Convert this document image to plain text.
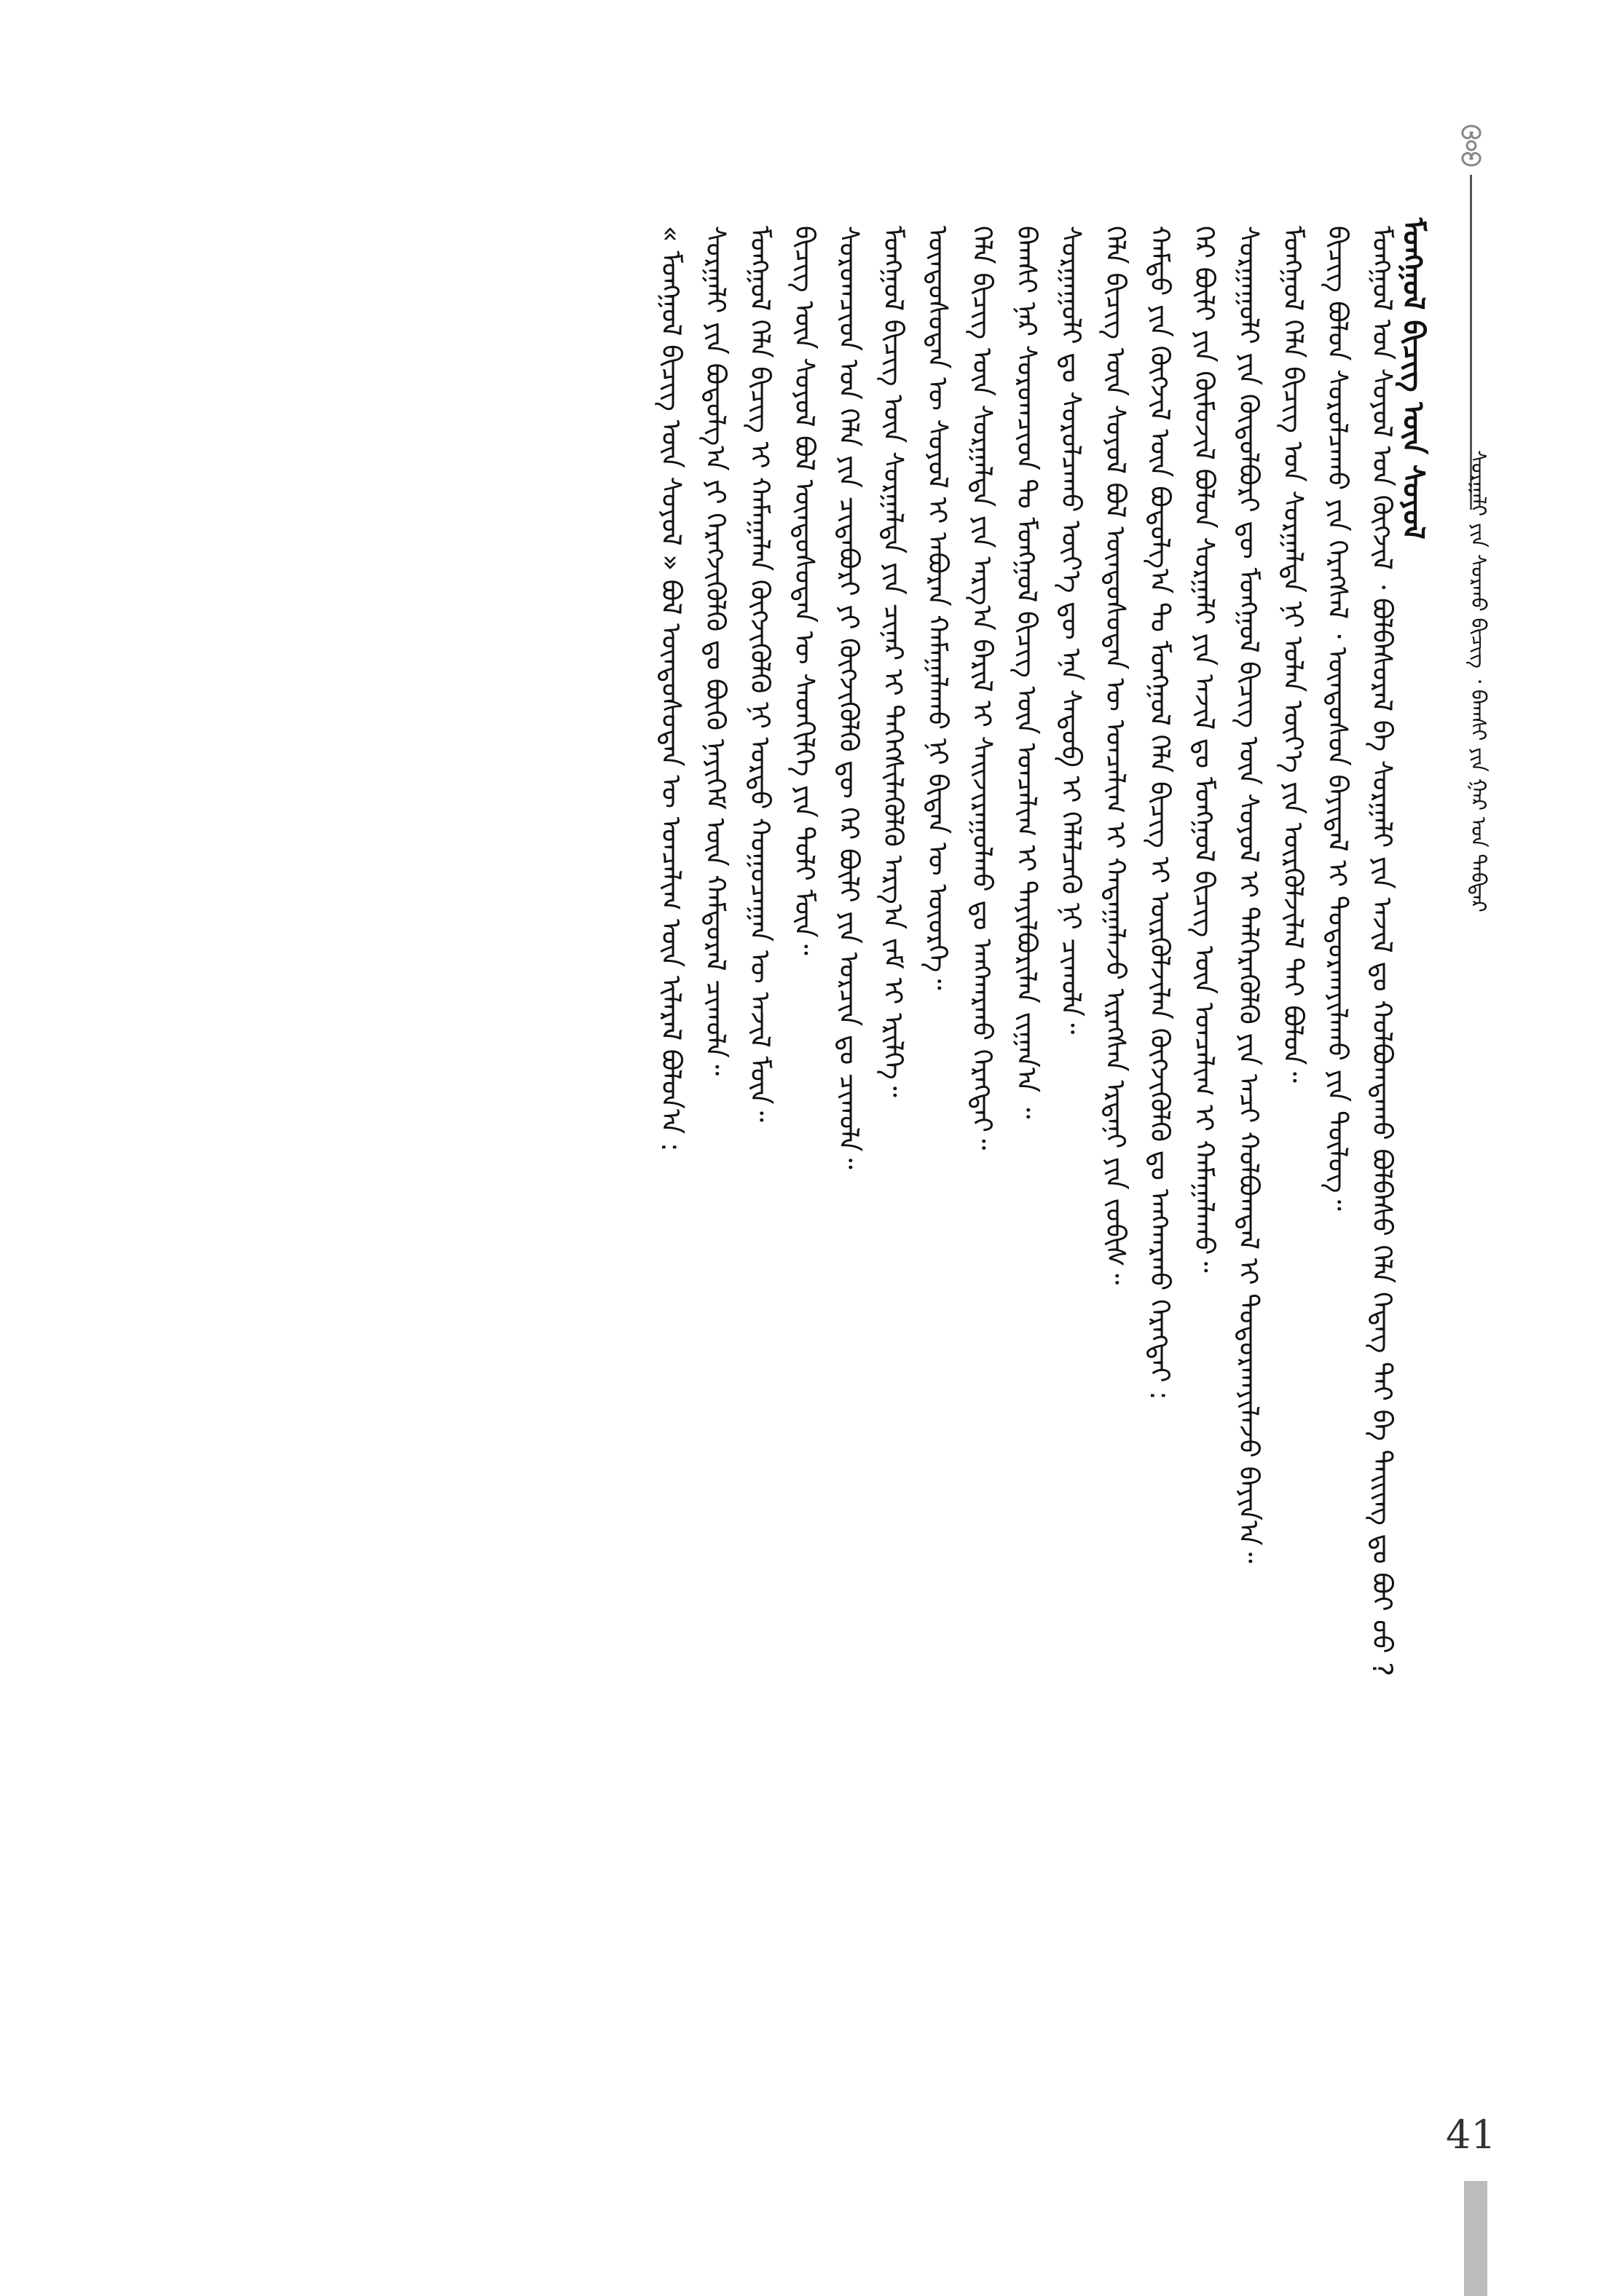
ᠮᠣᠩᠭᠣᠯ ᠪᠢᠴᠢᠭ ᠦᠨ ᠰᠣᠶᠣᠯ
ᠰᠤᠷᠭᠠᠯᠢ ᠶᠢᠨ ᠰᠤᠷᠬᠤ ᠪᠢᠴᠢᠭ ᠂ ᠪᠠᠭᠰᠢ ᠶᠢᠨ ᠭᠠᠷ ᠤᠨ ᠳᠡᠪᠲᠡᠷ
ᠮᠣᠩᠭᠣᠯ ᠤᠨ ᠰᠣᠶᠣᠯ ᠤᠨ ᠬᠥᠭᠵᠢᠯ ᠂ ᠪᠣᠯᠪᠠᠰᠤᠷᠠᠯ ᠪᠠ ᠰᠤᠷᠭᠠᠯᠢ ᠶᠢᠨ ᠠᠵᠢᠯ ᠳᠤ ᠬᠣᠯᠪᠣᠭᠳᠠᠬᠤ ᠪᠣᠯᠪᠠᠰᠤ ᠬᠡᠯᠡ ᠭᠡᠳᠡᠭ ᠲᠠᠢ ᠪᠠ ᠳᠠᠢᠢᠩ ᠳᠤ ᠪᠤᠢ ᠦᠦ ?
ᠪᠢᠴᠢᠭ ᠪᠣᠯᠤᠨ ᠰᠤᠷᠤᠯᠴᠠᠬᠤ ᠶᠢᠨ ᠬᠡᠷᠡᠭᠰᠡᠯ ᠂ ᠦᠨᠳᠦᠰᠦᠨ ᠪᠠᠶᠢᠳᠠᠯ ᠢ ᠲᠣᠳᠣᠷᠬᠠᠶᠢᠯᠠᠬᠤ ᠶᠢᠨ ᠲᠥᠯᠥᠭ᠃
ᠮᠣᠩᠭᠣᠯ ᠬᠡᠯᠡ ᠪᠢᠴᠢᠭ ᠤᠨ ᠰᠤᠷᠭᠠᠯᠲᠠ ᠨᠢ ᠣᠯᠠᠨ ᠦᠶ᠎ᠡ ᠶᠢᠨ ᠦᠷᠭᠦᠯᠵᠢᠯᠡᠯ ᠲᠠᠢ ᠪᠣᠯᠤᠨ᠃
ᠰᠤᠷᠭᠠᠭᠤᠯᠢ ᠶᠢᠨ ᠬᠥᠲᠦᠯᠪᠦᠷᠢ ᠳᠦ ᠮᠣᠩᠭᠣᠯ ᠪᠢᠴᠢᠭ ᠦᠨ ᠰᠣᠶᠣᠯ ᠢ ᠳᠡᠯᠭᠡᠷᠡᠭᠦᠯᠬᠦ ᠶᠢᠨ ᠠᠴᠢ ᠬᠣᠯᠪᠣᠭᠳᠠᠯ ᠢ ᠲᠣᠳᠣᠷᠬᠠᠶᠢᠯᠠᠵᠤ ᠪᠠᠶᠢᠨ᠎ᠠ᠃
ᠭᠡᠷ ᠪᠦᠯᠢ ᠶᠢᠨ ᠬᠥᠮᠦᠵᠢᠯ ᠪᠣᠯᠤᠨ ᠰᠤᠷᠭᠠᠯᠢ ᠶᠢᠨ ᠠᠵᠢᠯ ᠳᠤ ᠮᠣᠩᠭᠣᠯ ᠪᠢᠴᠢᠭ ᠦᠨ ᠣᠨᠴᠠᠯᠢᠭ ᠢ ᠬᠠᠮᠠᠭᠠᠯᠠᠬᠤ᠃
ᠬᠠᠮᠲᠤ ᠶᠢᠨ ᠬᠥᠭᠵᠢᠯ ᠦᠨ ᠪᠣᠳᠣᠯᠭ᠎ᠠ ᠲᠤ ᠮᠣᠩᠭᠣᠯ ᠬᠡᠯᠡ ᠪᠢᠴᠢᠭ ᠢ ᠦᠷᠭᠦᠯᠵᠢᠯᠡᠨ ᠬᠥᠭᠵᠢᠭᠦᠯᠬᠦ ᠳᠤ ᠠᠩᠬᠠᠷᠬᠤ ᠬᠡᠷᠡᠭᠲᠡᠢ :
ᠬᠡᠯᠡ ᠪᠢᠴᠢᠭ ᠦᠨ ᠰᠣᠶᠣᠯ ᠪᠣᠯ ᠦᠨᠳᠦᠰᠦᠲᠡᠨ ᠦ ᠣᠨᠴᠠᠯᠢᠭ ᠢ ᠬᠠᠳᠠᠭᠠᠯᠠᠵᠤ ᠢᠷᠡᠭᠰᠡᠨ ᠡᠷᠳᠡᠨᠢ ᠶᠢᠨ ᠵᠣᠪᠢᠰ᠃
ᠰᠤᠷᠭᠠᠭᠤᠯᠢ ᠳᠤ ᠰᠤᠷᠤᠯᠴᠠᠬᠤ ᠦᠶ᠎ᠡ ᠳᠦ ᠡᠨᠡ ᠰᠡᠳᠦᠪ ᠢ ᠬᠡᠯᠡᠯᠴᠡᠬᠦ ᠨᠢ ᠴᠢᠬᠤᠯᠠ᠃
ᠪᠠᠭᠰᠢ ᠨᠠᠷ ᠰᠤᠷᠤᠭᠴᠢᠳ ᠲᠤ ᠮᠣᠩᠭᠣᠯ ᠪᠢᠴᠢᠭ ᠦᠨ ᠣᠨᠴᠠᠯᠢᠭ ᠢ ᠲᠠᠶᠢᠯᠪᠤᠷᠢᠯᠠᠨ ᠵᠢᠭᠠᠨ᠎ᠠ ᠃
ᠬᠡᠯᠡ ᠪᠢᠴᠢᠭ ᠦᠨ ᠰᠤᠷᠭᠠᠯᠲᠠ ᠶᠢᠨ ᠠᠷᠭ᠎ᠠ ᠪᠠᠷᠢᠯ ᠢ ᠰᠠᠢᠵᠢᠷᠠᠭᠤᠯᠬᠤ ᠳᠤ ᠠᠩᠬᠠᠷᠬᠤ ᠬᠡᠷᠡᠭᠲᠡᠢ᠃
ᠦᠨᠳᠦᠰᠦᠲᠡᠨ ᠦ ᠰᠣᠶᠣᠯ ᠢ ᠠᠪᠤᠷᠠᠨ ᠬᠠᠮᠠᠭᠠᠯᠠᠬᠤ ᠨᠢ ᠪᠢᠳᠡᠨ ᠦ ᠦᠦᠷᠭᠡ᠃
ᠮᠣᠩᠭᠣᠯ ᠪᠢᠴᠢᠭ ᠦᠨ ᠰᠤᠷᠭᠠᠯᠲᠠ ᠶᠢᠨ ᠴᠢᠨᠠᠷ ᠢ ᠳᠡᠭᠡᠭᠰᠢᠯᠡᠭᠦᠯᠬᠦ ᠠᠷᠭ᠎ᠠ ᠵᠠᠮ ᠢ ᠡᠷᠢᠯᠬᠡ᠃
ᠰᠤᠷᠤᠭᠴᠢᠳ ᠤᠨ ᠬᠡᠯᠡ ᠶᠢᠨ ᠴᠢᠳᠠᠪᠤᠷᠢ ᠶᠢ ᠬᠥᠭᠵᠢᠭᠦᠯᠬᠦ ᠳᠦ ᠭᠡᠷ ᠪᠦᠯᠢ ᠶᠢᠨ ᠣᠷᠴᠢᠨ ᠳᠤ ᠴᠢᠬᠤᠯᠠ᠃
ᠪᠢᠴᠢᠭ ᠦᠨ ᠰᠣᠶᠣᠯ ᠪᠣᠯ ᠦᠨᠳᠦᠰᠦᠲᠡᠨ ᠦ ᠰᠡᠳᠬᠢᠯᠭᠡ ᠶᠢᠨ ᠲᠣᠯᠢ ᠮᠥᠨ᠃
ᠮᠣᠩᠭᠣᠯ ᠬᠡᠯᠡ ᠪᠢᠴᠢᠭ ᠢ ᠬᠠᠮᠠᠭᠠᠯᠠᠨ ᠬᠥᠭᠵᠢᠭᠦᠯᠬᠦ ᠨᠢ ᠤᠷᠲᠤ ᠬᠤᠭᠤᠴᠠᠭᠠᠨ ᠦ ᠠᠵᠢᠯ ᠮᠥᠨ᠃
ᠰᠤᠷᠭᠠᠯᠢ ᠶᠢᠨ ᠪᠣᠳᠣᠯᠭ᠎ᠠ ᠶᠢ ᠬᠡᠷᠡᠭᠵᠢᠭᠦᠯᠬᠦ ᠳᠤ ᠪᠦᠬᠦ ᠨᠡᠶᠢᠭᠡᠮ ᠦᠨ ᠬᠠᠮᠲᠤᠷᠠᠯ ᠴᠢᠬᠤᠯᠠ᠃
« ᠮᠣᠩᠭᠣᠯ ᠪᠢᠴᠢᠭ ᠦᠨ ᠰᠣᠶᠣᠯ » ᠪᠣᠯ ᠦᠨᠳᠦᠰᠦᠲᠡᠨ ᠦ ᠣᠨᠴᠠᠯᠢᠭ ᠦᠨ ᠢᠯᠡᠷᠡᠯ ᠪᠣᠯᠤᠨ᠎ᠠ :
41
